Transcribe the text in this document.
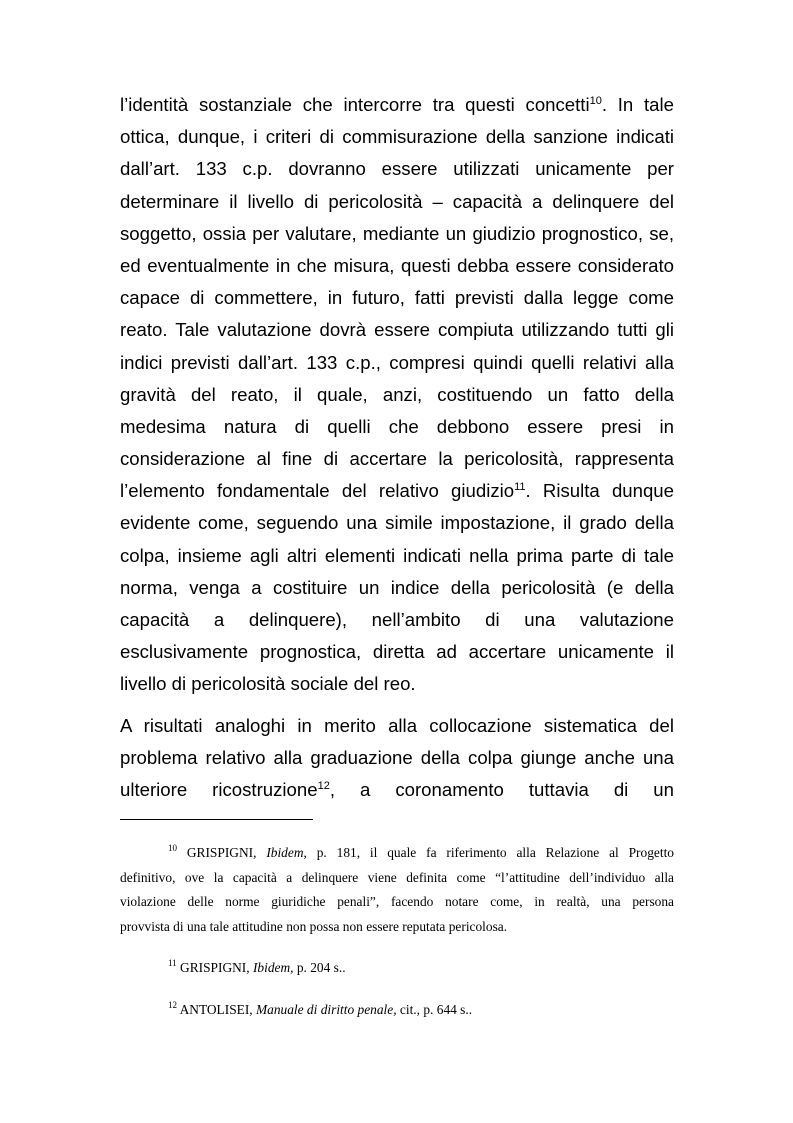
l’identità sostanziale che intercorre tra questi concetti$^{10}$. In tale
ottica, dunque, i criteri di commisurazione della sanzione indicati
dall’art. 133 c.p. dovranno essere utilizzati unicamente per
determinare il livello di pericolosità – capacità a delinquere del
soggetto, ossia per valutare, mediante un giudizio prognostico, se,
ed eventualmente in che misura, questi debba essere considerato
capace di commettere, in futuro, fatti previsti dalla legge come
reato. Tale valutazione dovrà essere compiuta utilizzando tutti gli
indici previsti dall’art. 133 c.p., compresi quindi quelli relativi alla
gravità del reato, il quale, anzi, costituendo un fatto della
medesima natura di quelli che debbono essere presi in
considerazione al fine di accertare la pericolosità, rappresenta
l’elemento fondamentale del relativo giudizio$^{11}$. Risulta dunque
evidente come, seguendo una simile impostazione, il grado della
colpa, insieme agli altri elementi indicati nella prima parte di tale
norma, venga a costituire un indice della pericolosità (e della
capacità a delinquere), nell’ambito di una valutazione
esclusivamente prognostica, diretta ad accertare unicamente il
livello di pericolosità sociale del reo.
A risultati analoghi in merito alla collocazione sistematica del
problema relativo alla graduazione della colpa giunge anche una
ulteriore ricostruzione$^{12}$, a coronamento tuttavia di un
$^{10}$ GRISPIGNI, Ibidem, p. 181, il quale fa riferimento alla Relazione al Progetto
definitivo, ove la capacità a delinquere viene definita come “l’attitudine dell’individuo alla
violazione delle norme giuridiche penali”, facendo notare come, in realtà, una persona
provvista di una tale attitudine non possa non essere reputata pericolosa.
$^{11}$ GRISPIGNI, Ibidem, p. 204 s..
$^{12}$ ANTOLISEI, Manuale di diritto penale, cit., p. 644 s..
